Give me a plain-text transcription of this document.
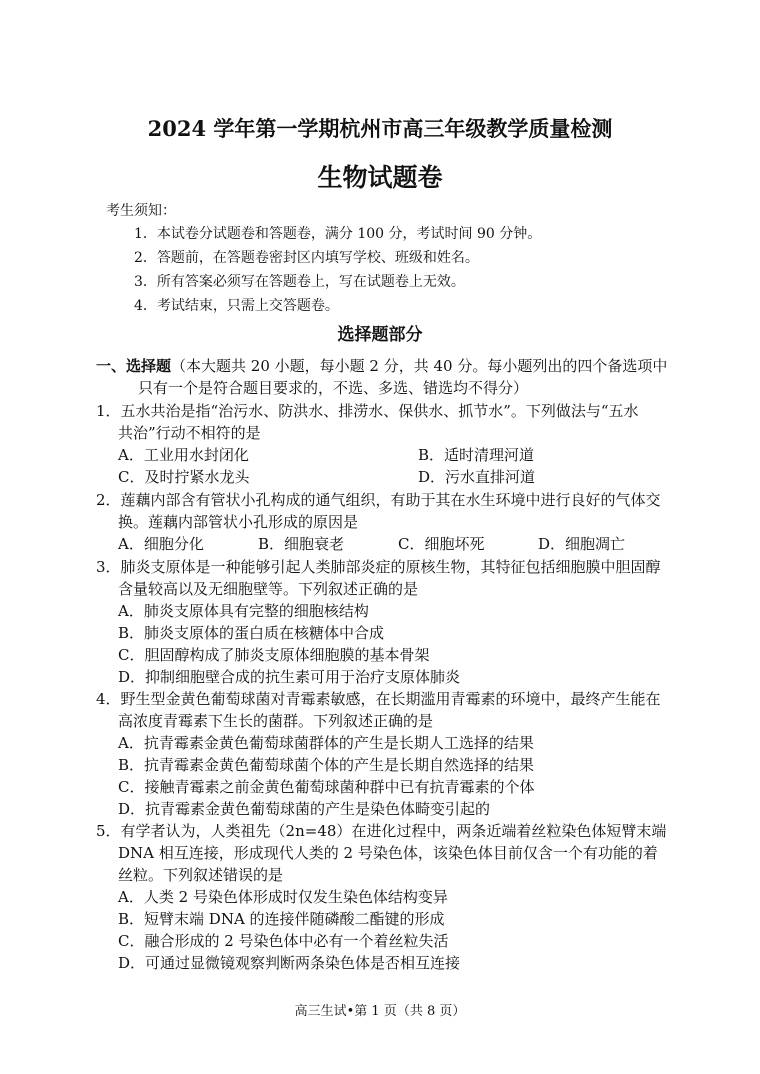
2024 学年第一学期杭州市高三年级教学质量检测
生物试题卷
考生须知：
1．本试卷分试题卷和答题卷，满分 100 分，考试时间 90 分钟。
2．答题前，在答题卷密封区内填写学校、班级和姓名。
3．所有答案必须写在答题卷上，写在试题卷上无效。
4．考试结束，只需上交答题卷。
选择题部分
一、选择题（本大题共 20 小题，每小题 2 分，共 40 分。每小题列出的四个备选项中
只有一个是符合题目要求的，不选、多选、错选均不得分）
1．五水共治是指“治污水、防洪水、排涝水、保供水、抓节水”。下列做法与“五水
共治”行动不相符的是
A．工业用水封闭化	B．适时清理河道
C．及时拧紧水龙头	D．污水直排河道
2．莲藕内部含有管状小孔构成的通气组织，有助于其在水生环境中进行良好的气体交
换。莲藕内部管状小孔形成的原因是
A．细胞分化	B．细胞衰老	C．细胞坏死	D．细胞凋亡
3．肺炎支原体是一种能够引起人类肺部炎症的原核生物，其特征包括细胞膜中胆固醇
含量较高以及无细胞壁等。下列叙述正确的是
A．肺炎支原体具有完整的细胞核结构
B．肺炎支原体的蛋白质在核糖体中合成
C．胆固醇构成了肺炎支原体细胞膜的基本骨架
D．抑制细胞壁合成的抗生素可用于治疗支原体肺炎
4．野生型金黄色葡萄球菌对青霉素敏感，在长期滥用青霉素的环境中，最终产生能在
高浓度青霉素下生长的菌群。下列叙述正确的是
A．抗青霉素金黄色葡萄球菌群体的产生是长期人工选择的结果
B．抗青霉素金黄色葡萄球菌个体的产生是长期自然选择的结果
C．接触青霉素之前金黄色葡萄球菌种群中已有抗青霉素的个体
D．抗青霉素金黄色葡萄球菌的产生是染色体畸变引起的
5．有学者认为，人类祖先（2n=48）在进化过程中，两条近端着丝粒染色体短臂末端
DNA 相互连接，形成现代人类的 2 号染色体，该染色体目前仅含一个有功能的着
丝粒。下列叙述错误的是
A．人类 2 号染色体形成时仅发生染色体结构变异
B．短臂末端 DNA 的连接伴随磷酸二酯键的形成
C．融合形成的 2 号染色体中必有一个着丝粒失活
D．可通过显微镜观察判断两条染色体是否相互连接
高三生试•第 1 页（共 8 页）
